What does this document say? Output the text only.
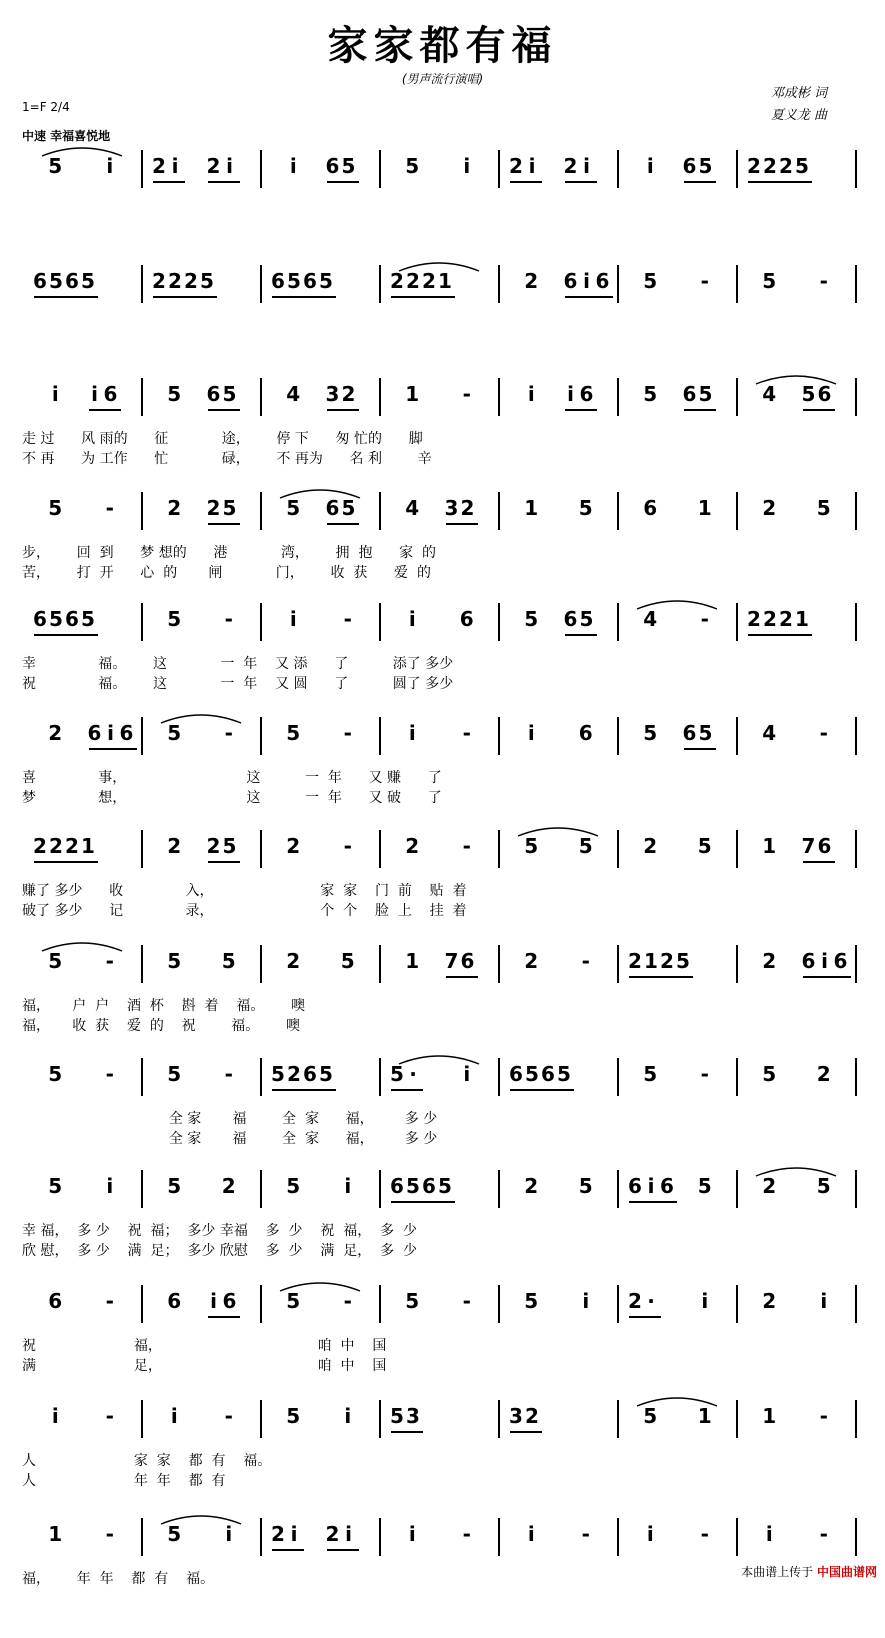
家家都有福
(男声流行演唱)
邓成彬 词
夏义龙 曲
1=F 2/4
中速 幸福喜悦地
5	i	2 i	2 i	i	6 5 5	i	2 i	2 i	i	6 5 2 2 2 5
6 5 6 5	2 2 2 5	6 5 6 5	2 2 2 1	2 6 i 6 5 -	5 -
i	i 6 5 6 5 4 3 2 1 -	i	i 6 5 6 5 4 5 6
走 过      风 雨的      征            途，      停 下      匆 忙的      脚
不 再      为 工作      忙            碌，      不 再为      名 利        辛
5 -	2 2 5 5 6 5 4 3 2 1 5	6 1	2 5
步，      回  到      梦 想的      港            湾，      拥  抱      家  的
苦，      打  开      心  的       闸            门，      收  获      爱  的
6 5 6 5	5 -	i	-	i	6	5 6 5 4 - 2 2 2 1
幸              福。      这            一  年    又 添      了          添了 多少
祝              福。      这            一  年    又 圆      了          圆了 多少
2 6 i 6 5 -	5 -	i	-	i	6	5 6 5 4 -
喜              事，                           这          一  年      又 赚      了
梦              想，                           这          一  年      又 破      了
2 2 2 1	2 2 5 2 -	2 -	5 5	2 5	1 7 6
赚了 多少      收              入，                        家  家    门  前    贴  着
破了 多少      记              录，                        个  个    脸  上    挂  着
5 -	5 5	2 5	1 7 6 2 - 2 1 2 5	2 6 i 6
福，     户  户    酒  杯    斟  着    福。      噢
福，     收  获    爱  的    祝        福。      噢
5 -	5 - 5 2 6 5	5 ·	i	6 5 6 5	5 -	5 2
全 家       福        全  家      福，       多 少
全 家       福        全  家      福，       多 少
5	i	5 2	5	i	6 5 6 5	2 5 6 i 6 5	2 5
幸 福，  多 少    祝  福；  多少 幸福    多  少    祝  福，  多  少
欣 慰，  多 少    满  足；  多少 欣慰    多  少    满  足，  多  少
6 -	6	i 6 5 -	5 -	5	i	2 ·	i	2	i
祝                      福，                                   咱  中    国
满                      足，                                   咱  中    国
i	-	i	-	5	i	5 3	3 2	5 1	1 -
人                      家  家    都  有    福。
人                      年  年    都  有
1 -	5	i	2 i	2 i	i	-	i	-	i	-	i	-
福，      年  年    都  有    福。	本曲谱上传于 中国曲谱网
